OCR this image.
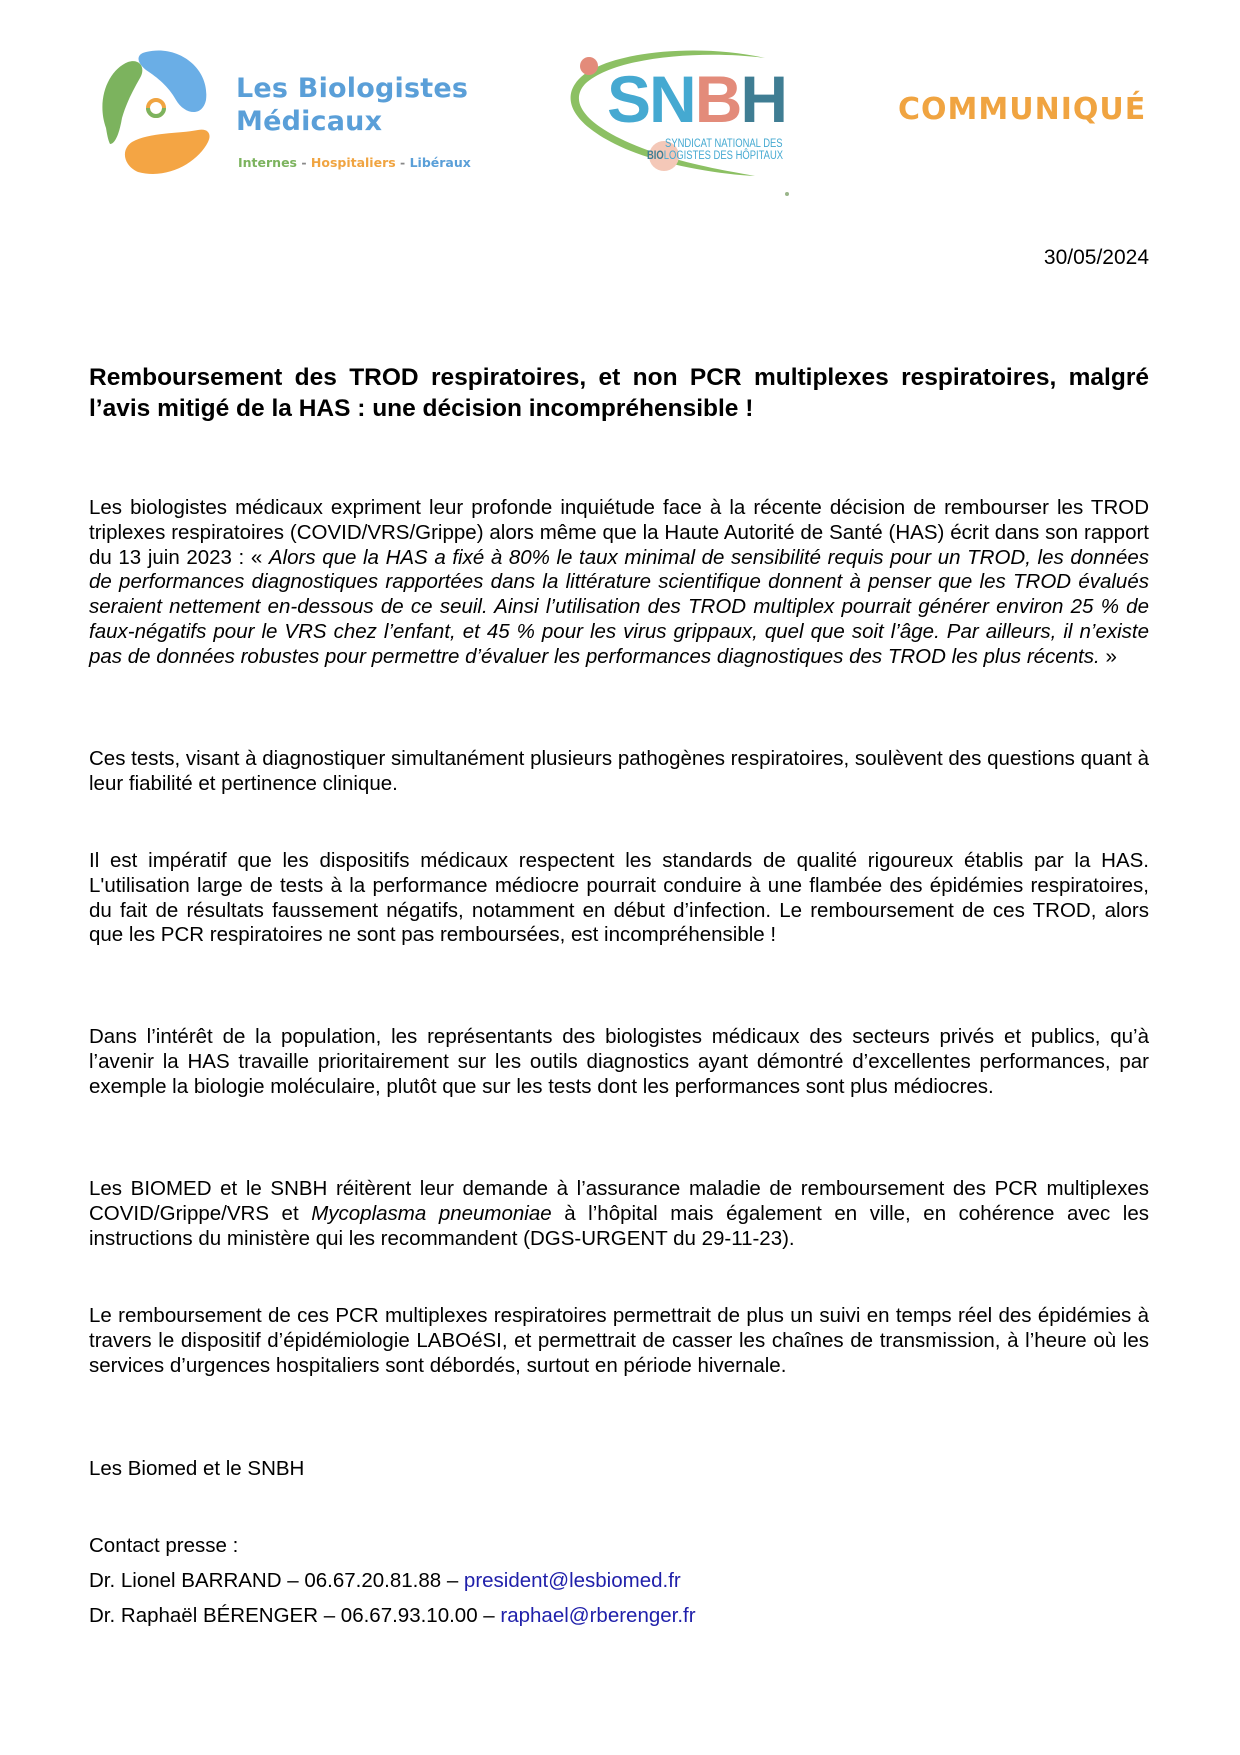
Les Biologistes
Médicaux
Internes - Hospitaliers - Libéraux
SNBH
SYNDICAT NATIONAL DES
BIOLOGISTES DES HÔPITAUX
COMMUNIQUÉ
30/05/2024
Remboursement des TROD respiratoires, et non PCR multiplexes respiratoires, malgré l’avis mitigé de la HAS : une décision incompréhensible !
Les biologistes médicaux expriment leur profonde inquiétude face à la récente décision de rembourser les TROD triplexes respiratoires (COVID/VRS/Grippe) alors même que la Haute Autorité de Santé (HAS) écrit dans son rapport du 13 juin 2023 : « Alors que la HAS a fixé à 80% le taux minimal de sensibilité requis pour un TROD, les données de performances diagnostiques rapportées dans la littérature scientifique donnent à penser que les TROD évalués seraient nettement en-dessous de ce seuil. Ainsi l’utilisation des TROD multiplex pourrait générer environ 25 % de faux-négatifs pour le VRS chez l’enfant, et 45 % pour les virus grippaux, quel que soit l’âge. Par ailleurs, il n’existe pas de données robustes pour permettre d’évaluer les performances diagnostiques des TROD les plus récents. »
Ces tests, visant à diagnostiquer simultanément plusieurs pathogènes respiratoires, soulèvent des questions quant à leur fiabilité et pertinence clinique.
Il est impératif que les dispositifs médicaux respectent les standards de qualité rigoureux établis par la HAS. L'utilisation large de tests à la performance médiocre pourrait conduire à une flambée des épidémies respiratoires, du fait de résultats faussement négatifs, notamment en début d’infection. Le remboursement de ces TROD, alors que les PCR respiratoires ne sont pas remboursées, est incompréhensible !
Dans l’intérêt de la population, les représentants des biologistes médicaux des secteurs privés et publics, qu’à l’avenir la HAS travaille prioritairement sur les outils diagnostics ayant démontré d’excellentes performances, par exemple la biologie moléculaire, plutôt que sur les tests dont les performances sont plus médiocres.
Les BIOMED et le SNBH réitèrent leur demande à l’assurance maladie de remboursement des PCR multiplexes COVID/Grippe/VRS et Mycoplasma pneumoniae à l’hôpital mais également en ville, en cohérence avec les instructions du ministère qui les recommandent (DGS-URGENT du 29-11-23).
Le remboursement de ces PCR multiplexes respiratoires permettrait de plus un suivi en temps réel des épidémies à travers le dispositif d’épidémiologie LABOéSI, et permettrait de casser les chaînes de transmission, à l’heure où les services d’urgences hospitaliers sont débordés, surtout en période hivernale.
Les Biomed et le SNBH
Contact presse :
Dr. Lionel BARRAND – 06.67.20.81.88 – president@lesbiomed.fr
Dr. Raphaël BÉRENGER – 06.67.93.10.00 – raphael@rberenger.fr
